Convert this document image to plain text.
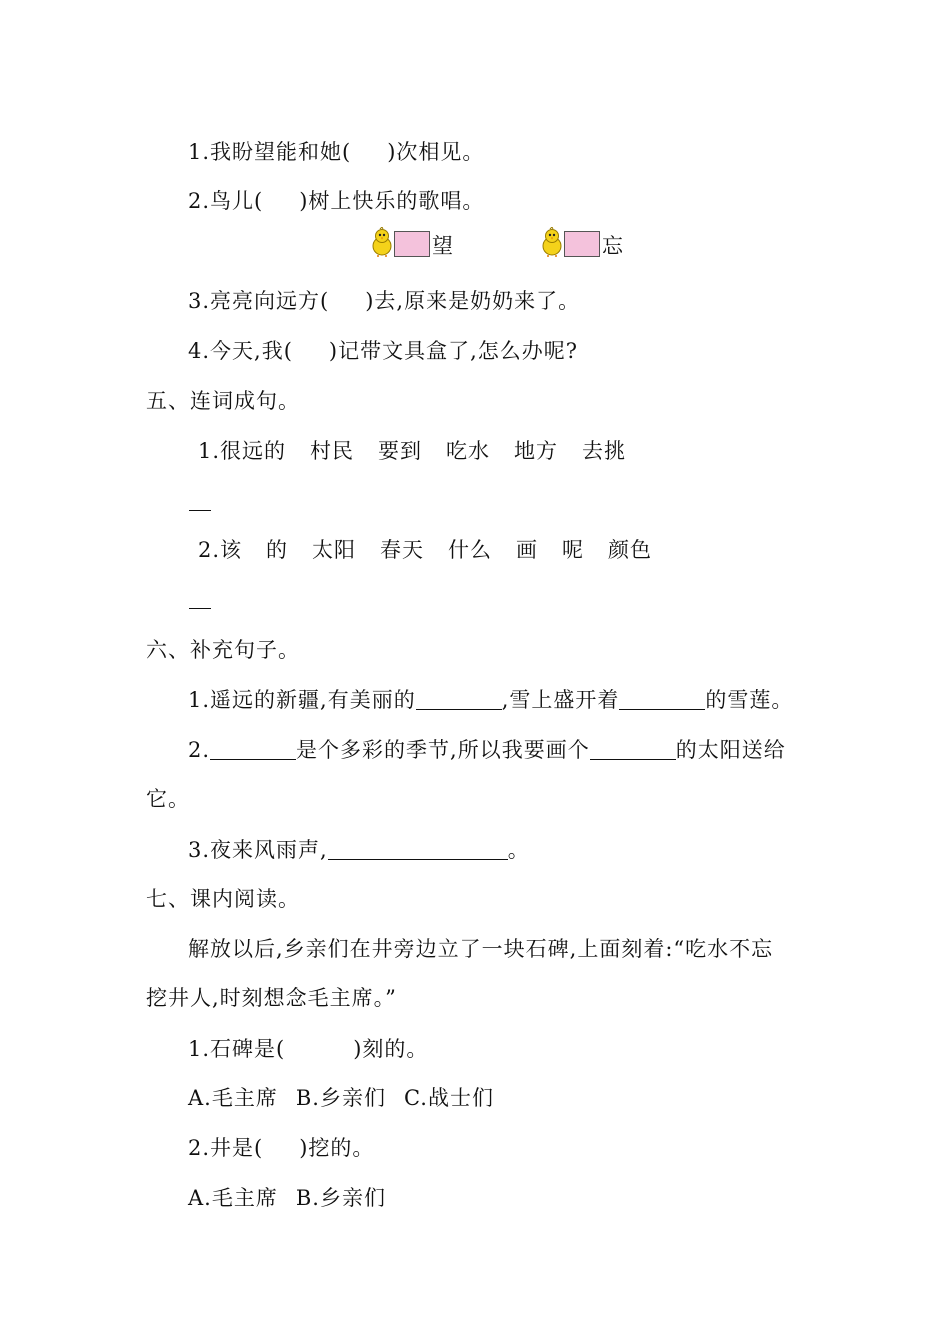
1.我盼望能和她( )次相见。
2.鸟儿( )树上快乐的歌唱。
望	忘
3.亮亮向远方( )去,原来是奶奶来了。
4.今天,我( )记带文具盒了,怎么办呢?
五、连词成句。
1.很远的 村民 要到 吃水 地方 去挑
2.该 的 太阳 春天 什么 画 呢 颜色
六、补充句子。
1.遥远的新疆,有美丽的	,雪上盛开着	的雪莲。
2.	是个多彩的季节,所以我要画个	的太阳送给
它。
3.夜来风雨声,	。
七、课内阅读。
解放以后,乡亲们在井旁边立了一块石碑,上面刻着:“吃水不忘
挖井人,时刻想念毛主席。”
1.石碑是(	)刻的。
A.毛主席 B.乡亲们 C.战士们
2.井是( )挖的。
A.毛主席 B.乡亲们
